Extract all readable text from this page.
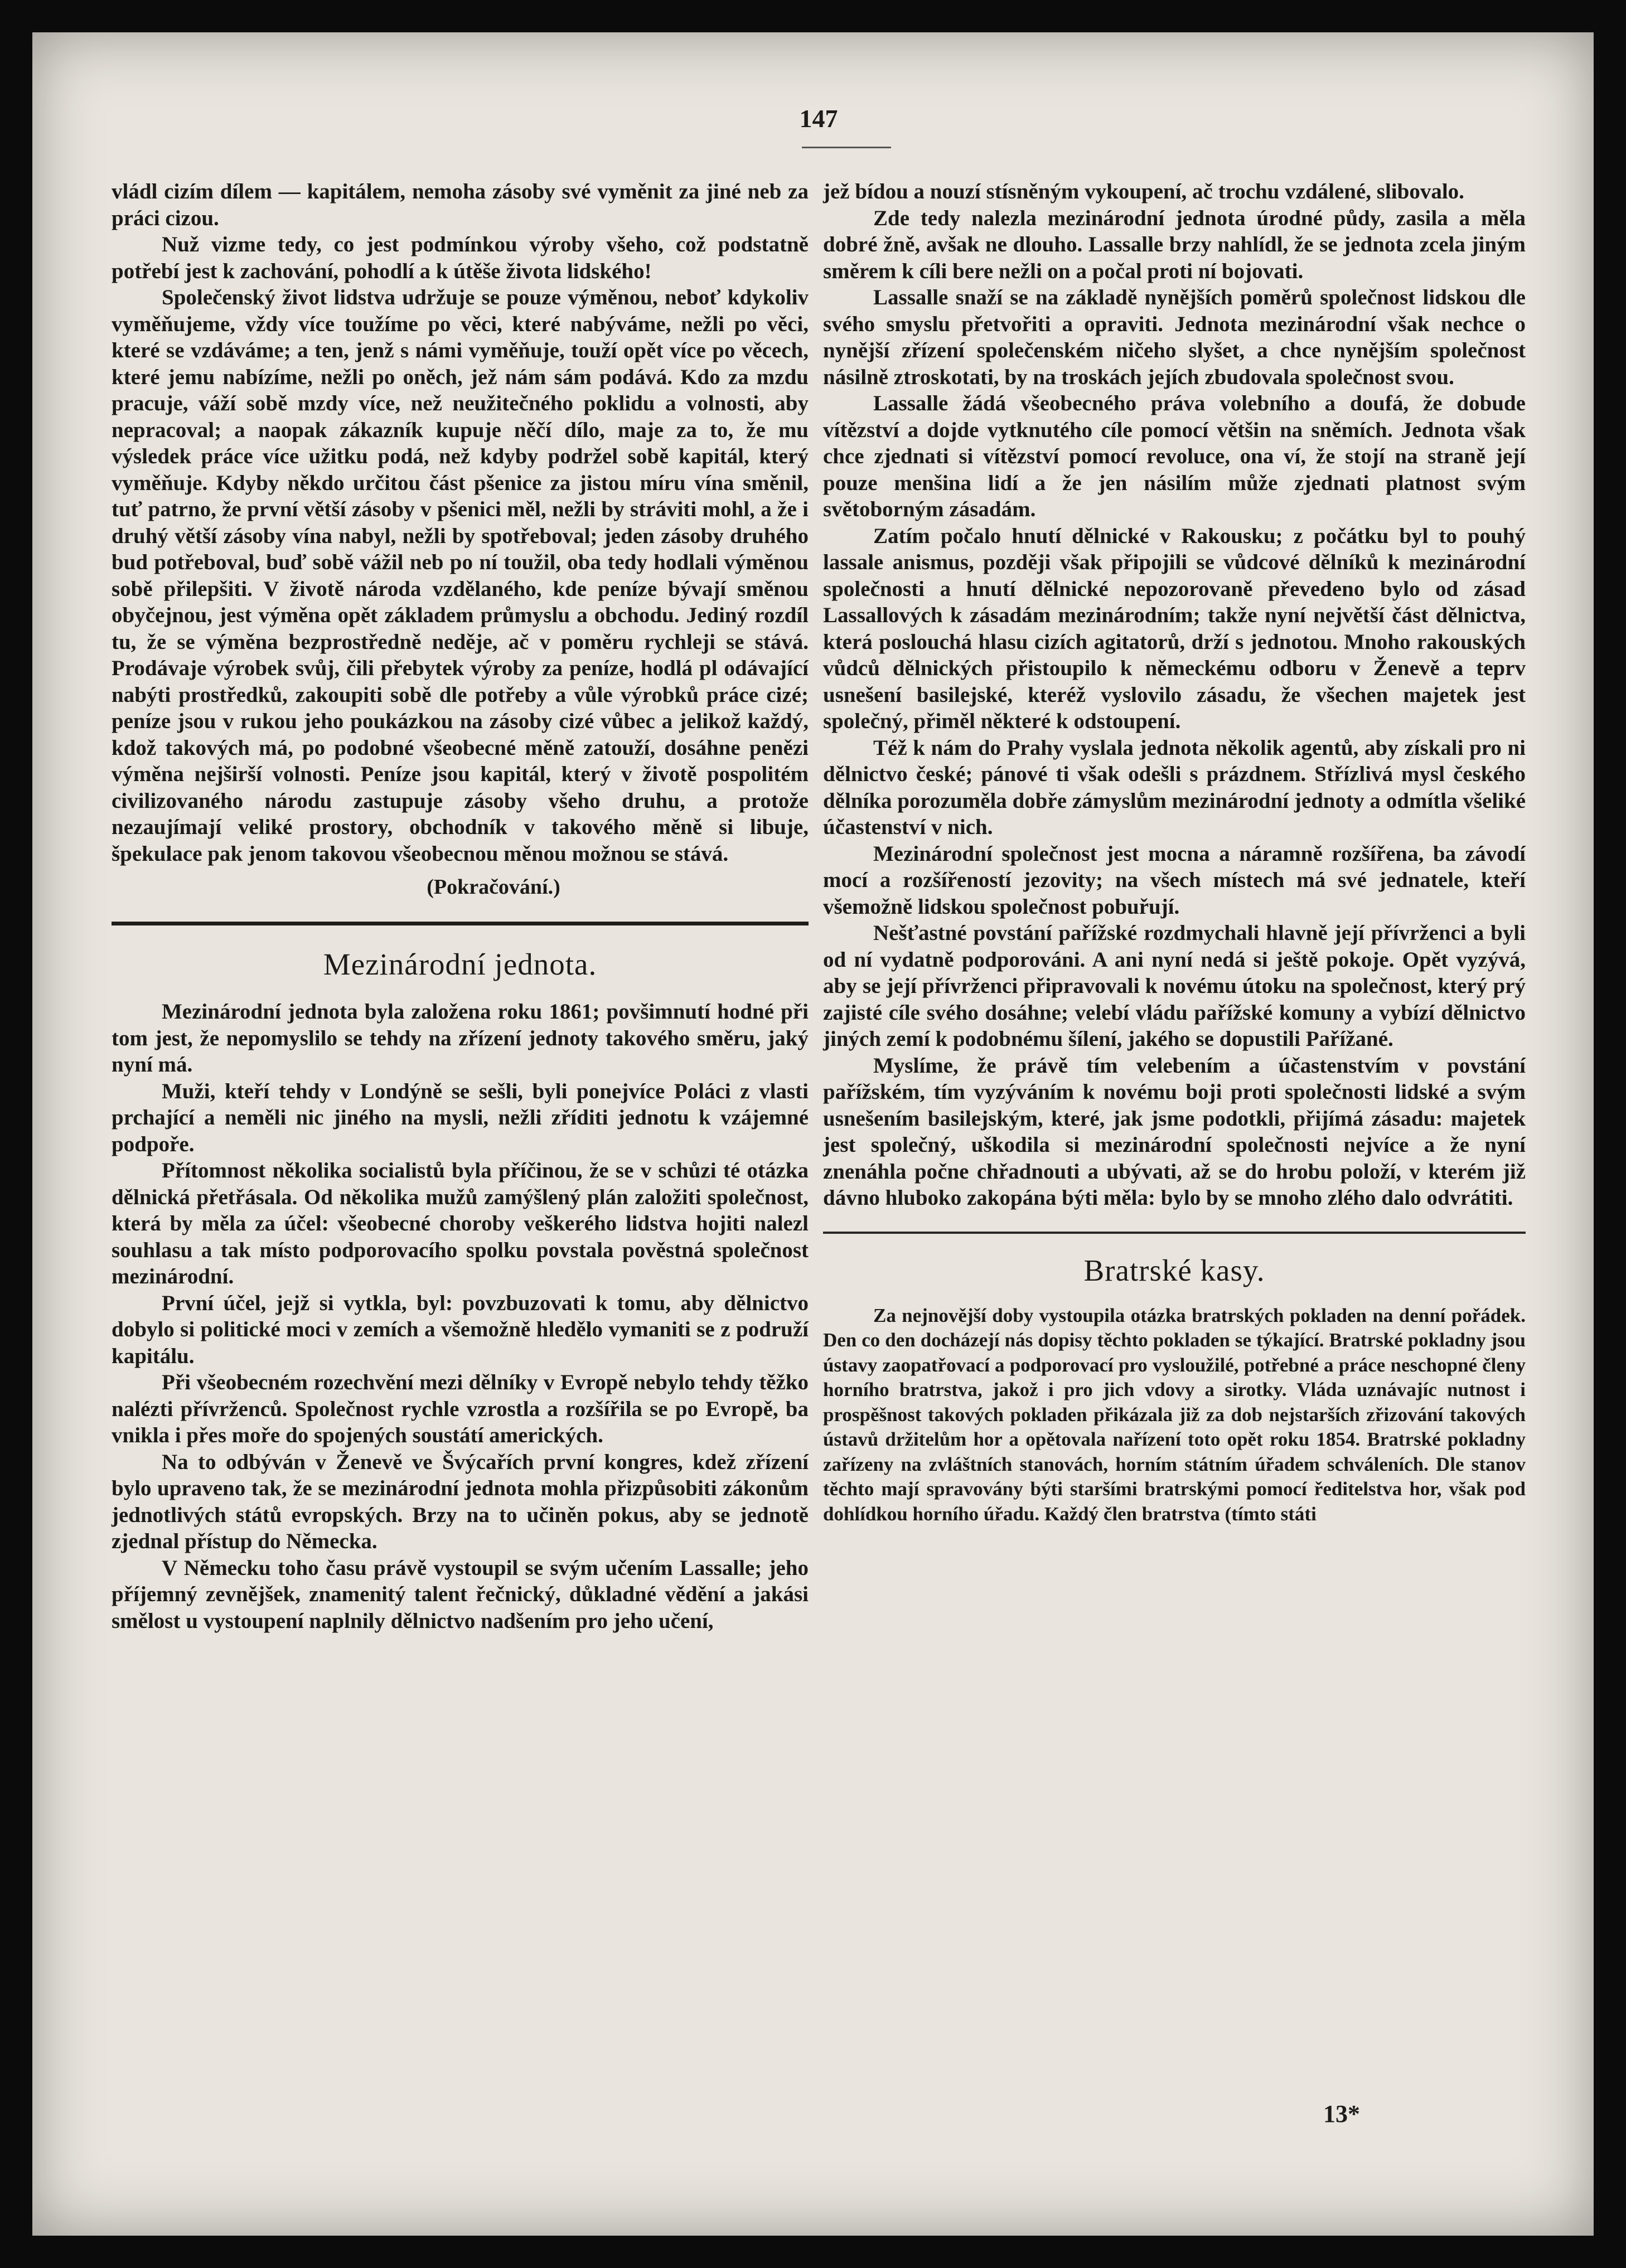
147

vládl cizím dílem — kapitálem, nemoha zásoby své vyměnit za jiné neb za práci cizou.

Nuž vizme tedy, co jest podmínkou výroby všeho, což podstatně potřebí jest k zachování, pohodlí a k útěše života lidského!

Společenský život lidstva udržuje se pouze výměnou, neboť kdykoliv vyměňujeme, vždy více toužíme po věci, které nabýváme, nežli po věci, které se vzdáváme; a ten, jenž s námi vyměňuje, touží opět více po věcech, které jemu nabízíme, nežli po oněch, jež nám sám podává. Kdo za mzdu pracuje, váží sobě mzdy více, než neužitečného poklidu a volnosti, aby nepracoval; a naopak zákazník kupuje něčí dílo, maje za to, že mu výsledek práce více užitku podá, než kdyby podržel sobě kapitál, který vyměňuje. Kdyby někdo určitou část pšenice za jistou míru vína směnil, tuť patrno, že první větší zásoby v pšenici měl, nežli by stráviti mohl, a že i druhý větší zásoby vína nabyl, nežli by spotřeboval; jeden zásoby druhého bud potřeboval, buď sobě vážil neb po ní toužil, oba tedy hodlali výměnou sobě přilepšiti. V životě národa vzdělaného, kde peníze bývají směnou obyčejnou, jest výměna opět základem průmyslu a obchodu. Jediný rozdíl tu, že se výměna bezprostředně neděje, ač v poměru rychleji se stává. Prodávaje výrobek svůj, čili přebytek výroby za peníze, hodlá pl odávající nabýti prostředků, zakoupiti sobě dle potřeby a vůle výrobků práce cizé; peníze jsou v rukou jeho poukázkou na zásoby cizé vůbec a jelikož každý, kdož takových má, po podobné všeobecné měně zatouží, dosáhne penězi výměna nejširší volnosti. Peníze jsou kapitál, který v životě pospolitém civilizovaného národu zastupuje zásoby všeho druhu, a protože nezaujímají veliké prostory, obchodník v takového měně si libuje, špekulace pak jenom takovou všeobecnou měnou možnou se stává.

(Pokračování.)
Mezinárodní jednota.

Mezinárodní jednota byla založena roku 1861; povšimnutí hodné při tom jest, že nepomyslilo se tehdy na zřízení jednoty takového směru, jaký nyní má.

Muži, kteří tehdy v Londýně se sešli, byli ponejvíce Poláci z vlasti prchající a neměli nic jiného na mysli, nežli zříditi jednotu k vzájemné podpoře.

Přítomnost několika socialistů byla příčinou, že se v schůzi té otázka dělnická přetřásala. Od několika mužů zamýšlený plán založiti společnost, která by měla za účel: všeobecné choroby veškerého lidstva hojiti nalezl souhlasu a tak místo podporovacího spolku povstala pověstná společnost mezinárodní.

První účel, jejž si vytkla, byl: povzbuzovati k tomu, aby dělnictvo dobylo si politické moci v zemích a všemožně hledělo vymaniti se z podruží kapitálu.

Při všeobecném rozechvění mezi dělníky v Evropě nebylo tehdy těžko nalézti přívrženců. Společnost rychle vzrostla a rozšířila se po Evropě, ba vnikla i přes moře do spojených soustátí amerických.

Na to odbýván v Ženevě ve Švýcařích první kongres, kdež zřízení bylo upraveno tak, že se mezinárodní jednota mohla přizpůsobiti zákonům jednotlivých států evropských. Brzy na to učiněn pokus, aby se jednotě zjednal přístup do Německa.

V Německu toho času právě vystoupil se svým učením Lassalle; jeho příjemný zevnějšek, znamenitý talent řečnický, důkladné vědění a jakási smělost u vystoupení naplnily dělnictvo nadšením pro jeho učení,

jež bídou a nouzí stísněným vykoupení, ač trochu vzdálené, slibovalo.

Zde tedy nalezla mezinárodní jednota úrodné půdy, zasila a měla dobré žně, avšak ne dlouho. Lassalle brzy nahlídl, že se jednota zcela jiným směrem k cíli bere nežli on a počal proti ní bojovati.

Lassalle snaží se na základě nynějších poměrů společnost lidskou dle svého smyslu přetvořiti a opraviti. Jednota mezinárodní však nechce o nynější zřízení společenském ničeho slyšet, a chce nynějším společnost násilně ztroskotati, by na troskách jejích zbudovala společnost svou.

Lassalle žádá všeobecného práva volebního a doufá, že dobude vítězství a dojde vytknutého cíle pomocí většin na sněmích. Jednota však chce zjednati si vítězství pomocí revoluce, ona ví, že stojí na straně její pouze menšina lidí a že jen násilím může zjednati platnost svým světoborným zásadám.

Zatím počalo hnutí dělnické v Rakousku; z počátku byl to pouhý lassale anismus, později však připojili se vůdcové dělníků k mezinárodní společnosti a hnutí dělnické nepozorovaně převedeno bylo od zásad Lassallových k zásadám mezinárodním; takže nyní největší část dělnictva, která poslouchá hlasu cizích agitatorů, drží s jednotou. Mnoho rakouských vůdců dělnických přistoupilo k německému odboru v Ženevě a teprv usnešení basilejské, kteréž vyslovilo zásadu, že všechen majetek jest společný, přiměl některé k odstoupení.

Též k nám do Prahy vyslala jednota několik agentů, aby získali pro ni dělnictvo české; pánové ti však odešli s prázdnem. Střízlivá mysl českého dělníka porozuměla dobře zámyslům mezinárodní jednoty a odmítla všeliké účastenství v nich.

Mezinárodní společnost jest mocna a náramně rozšířena, ba závodí mocí a rozšířeností jezovity; na všech místech má své jednatele, kteří všemožně lidskou společnost pobuřují.

Nešťastné povstání pařížské rozdmychali hlavně její přívrženci a byli od ní vydatně podporováni. A ani nyní nedá si ještě pokoje. Opět vyzývá, aby se její přívrženci připravovali k novému útoku na společnost, který prý zajisté cíle svého dosáhne; velebí vládu pařížské komuny a vybízí dělnictvo jiných zemí k podobnému šílení, jakého se dopustili Pařížané.

Myslíme, že právě tím velebením a účastenstvím v povstání pařížském, tím vyzýváním k novému boji proti společnosti lidské a svým usnešením basilejským, které, jak jsme podotkli, přijímá zásadu: majetek jest společný, uškodila si mezinárodní společnosti nejvíce a že nyní znenáhla počne chřadnouti a ubývati, až se do hrobu položí, v kterém již dávno hluboko zakopána býti měla: bylo by se mnoho zlého dalo odvrátiti.

Bratrské kasy.

Za nejnovější doby vystoupila otázka bratrských pokladen na denní pořádek. Den co den docházejí nás dopisy těchto pokladen se týkající. Bratrské pokladny jsou ústavy zaopatřovací a podporovací pro vysloužilé, potřebné a práce neschopné členy horního bratrstva, jakož i pro jich vdovy a sirotky. Vláda uznávajíc nutnost i prospěšnost takových pokladen přikázala již za dob nejstarších zřizování takových ústavů držitelům hor a opětovala nařízení toto opět roku 1854. Bratrské pokladny zařízeny na zvláštních stanovách, horním státním úřadem schváleních. Dle stanov těchto mají spravovány býti staršími bratrskými pomocí ředitelstva hor, však pod dohlídkou horního úřadu. Každý člen bratrstva (tímto státi

13*
